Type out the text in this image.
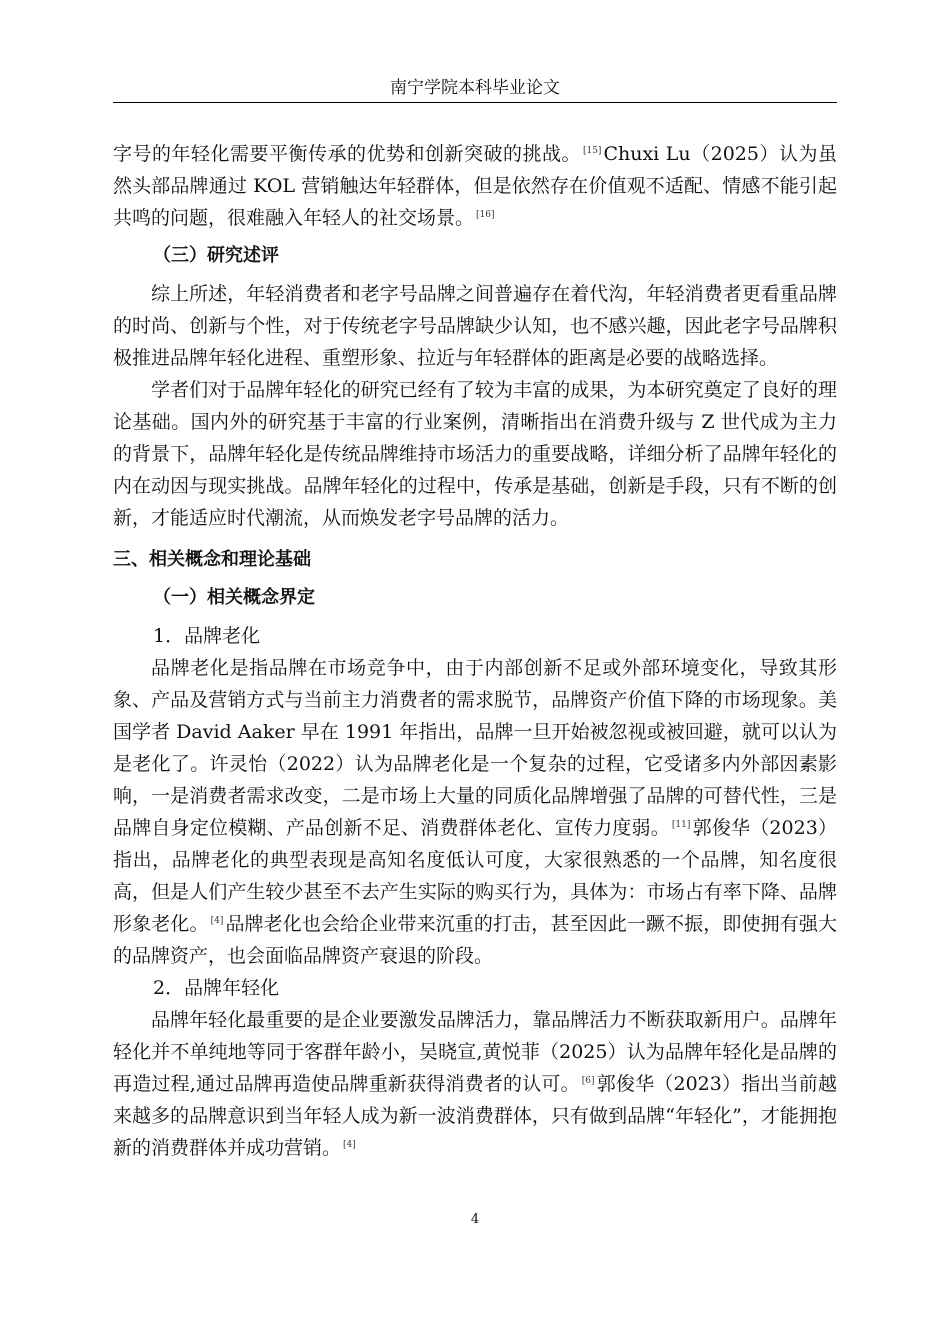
南宁学院本科毕业论文

字号的年轻化需要平衡传承的优势和创新突破的挑战。 [15] Chuxi Lu（2025）认为虽然头部品牌通过 KOL 营销触达年轻群体，但是依然存在价值观不适配、情感不能引起共鸣的问题，很难融入年轻人的社交场景。 [16]

（三）研究述评

综上所述，年轻消费者和老字号品牌之间普遍存在着代沟，年轻消费者更看重品牌的时尚、创新与个性，对于传统老字号品牌缺少认知，也不感兴趣，因此老字号品牌积极推进品牌年轻化进程、重塑形象、拉近与年轻群体的距离是必要的战略选择。

学者们对于品牌年轻化的研究已经有了较为丰富的成果，为本研究奠定了良好的理论基础。国内外的研究基于丰富的行业案例，清晰指出在消费升级与 Z 世代成为主力的背景下，品牌年轻化是传统品牌维持市场活力的重要战略，详细分析了品牌年轻化的内在动因与现实挑战。品牌年轻化的过程中，传承是基础，创新是手段，只有不断的创新，才能适应时代潮流，从而焕发老字号品牌的活力。

三、相关概念和理论基础

（一）相关概念界定

1．品牌老化

品牌老化是指品牌在市场竞争中，由于内部创新不足或外部环境变化，导致其形象、产品及营销方式与当前主力消费者的需求脱节，品牌资产价值下降的市场现象。美国学者 David Aaker 早在 1991 年指出，品牌一旦开始被忽视或被回避，就可以认为是老化了。许灵怡（2022）认为品牌老化是一个复杂的过程，它受诸多内外部因素影响，一是消费者需求改变，二是市场上大量的同质化品牌增强了品牌的可替代性，三是品牌自身定位模糊、产品创新不足、消费群体老化、宣传力度弱。 [11] 郭俊华（2023）指出，品牌老化的典型表现是高知名度低认可度，大家很熟悉的一个品牌，知名度很高，但是人们产生较少甚至不去产生实际的购买行为，具体为：市场占有率下降、品牌形象老化。 [4] 品牌老化也会给企业带来沉重的打击，甚至因此一蹶不振，即使拥有强大的品牌资产，也会面临品牌资产衰退的阶段。

2．品牌年轻化

品牌年轻化最重要的是企业要激发品牌活力，靠品牌活力不断获取新用户。品牌年轻化并不单纯地等同于客群年龄小，吴晓宣,黄悦菲（2025）认为品牌年轻化是品牌的再造过程,通过品牌再造使品牌重新获得消费者的认可。 [6] 郭俊华（2023）指出当前越来越多的品牌意识到当年轻人成为新一波消费群体，只有做到品牌“年轻化”，才能拥抱新的消费群体并成功营销。 [4]

4
